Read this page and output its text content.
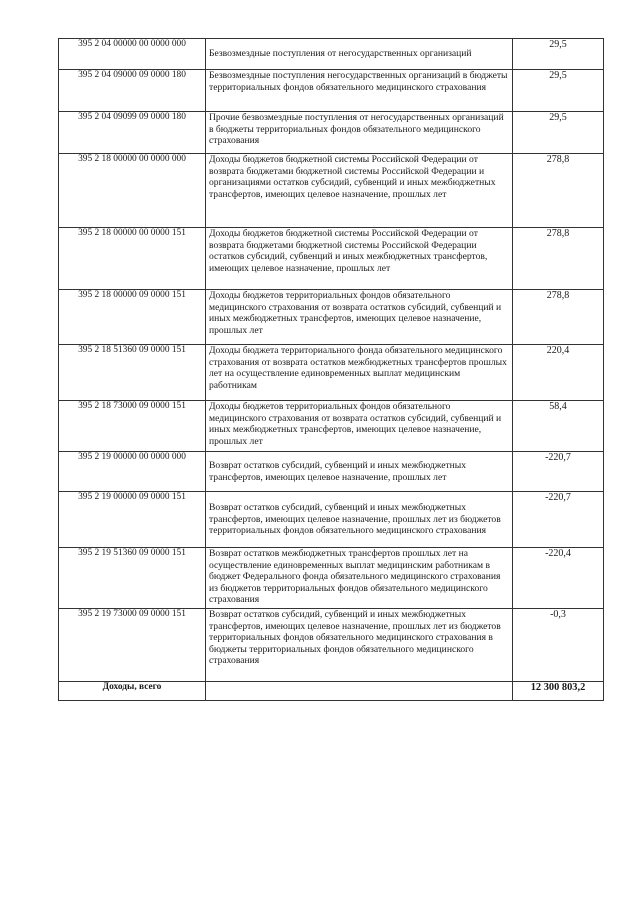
395 2 04 00000 00 0000 000	Безвозмездные поступления от негосударственных организаций	29,5
395 2 04 09000 09 0000 180	Безвозмездные поступления негосударственных организаций в бюджеты территориальных фондов обязательного медицинского страхования	29,5
395 2 04 09099 09 0000 180	Прочие безвозмездные поступления от негосударственных организаций в бюджеты территориальных фондов обязательного медицинского страхования	29,5
395 2 18 00000 00 0000 000	Доходы бюджетов бюджетной системы Российской Федерации от возврата бюджетами бюджетной системы Российской Федерации и организациями остатков субсидий, субвенций и иных межбюджетных трансфертов, имеющих целевое назначение, прошлых лет	278,8
395 2 18 00000 00 0000 151	Доходы бюджетов бюджетной системы Российской Федерации от возврата бюджетами бюджетной системы Российской Федерации остатков субсидий, субвенций и иных межбюджетных трансфертов, имеющих целевое назначение, прошлых лет	278,8
395 2 18 00000 09 0000 151	Доходы бюджетов территориальных фондов обязательного медицинского страхования от возврата остатков субсидий, субвенций и иных межбюджетных трансфертов, имеющих целевое назначение, прошлых лет	278,8
395 2 18 51360 09 0000 151	Доходы бюджета территориального фонда обязательного медицинского страхования от возврата остатков межбюджетных трансфертов прошлых лет на осуществление единовременных выплат медицинским работникам	220,4
395 2 18 73000 09 0000 151	Доходы бюджетов территориальных фондов обязательного медицинского страхования от возврата остатков субсидий, субвенций и иных межбюджетных трансфертов, имеющих целевое назначение, прошлых лет	58,4
395 2 19 00000 00 0000 000	Возврат остатков субсидий, субвенций и иных межбюджетных трансфертов, имеющих целевое назначение, прошлых лет	-220,7
395 2 19 00000 09 0000 151	Возврат остатков субсидий, субвенций и иных межбюджетных трансфертов, имеющих целевое назначение, прошлых лет из бюджетов территориальных фондов обязательного медицинского страхования	-220,7
395 2 19 51360 09 0000 151	Возврат остатков межбюджетных трансфертов прошлых лет на осуществление единовременных выплат медицинским работникам в бюджет Федерального фонда обязательного медицинского страхования из бюджетов территориальных фондов обязательного медицинского страхования	-220,4
395 2 19 73000 09 0000 151	Возврат остатков субсидий, субвенций и иных межбюджетных трансфертов, имеющих целевое назначение, прошлых лет из бюджетов территориальных фондов обязательного медицинского страхования в бюджеты территориальных фондов обязательного медицинского страхования	-0,3
Доходы, всего		12 300 803,2
